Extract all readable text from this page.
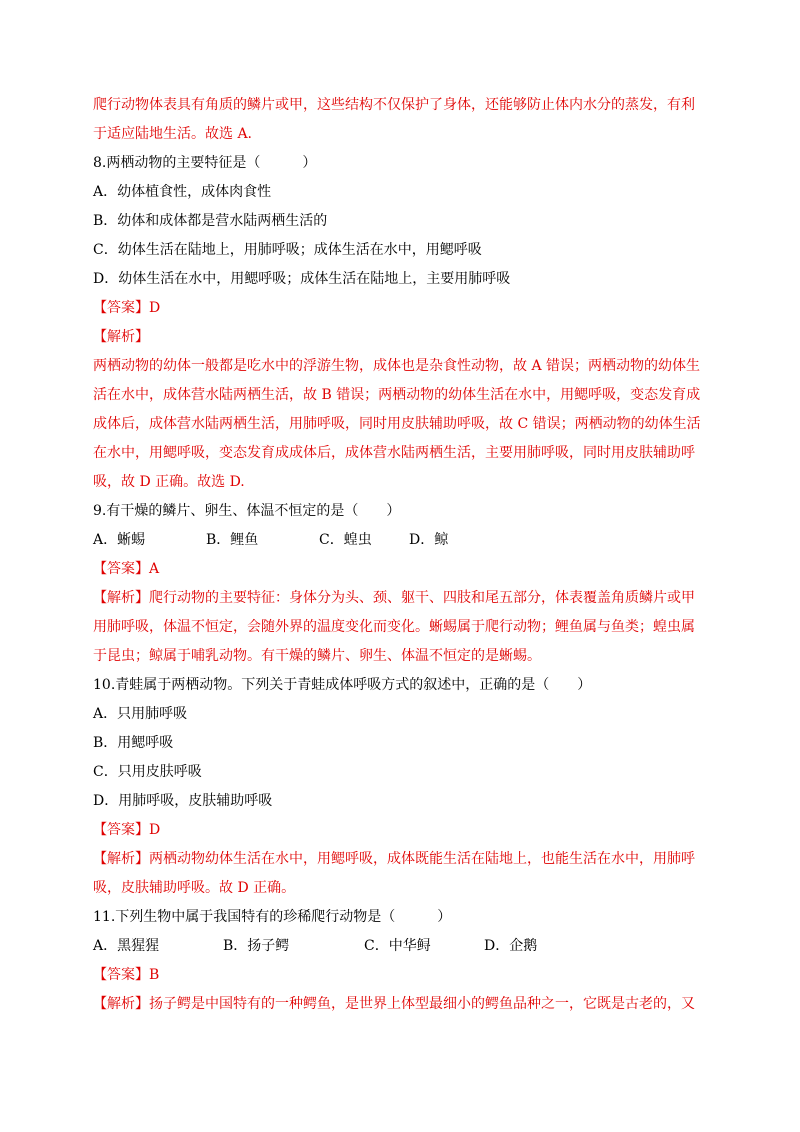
爬行动物体表具有角质的鳞片或甲，这些结构不仅保护了身体，还能够防止体内水分的蒸发，有利
于适应陆地生活。故选 A.
8.两栖动物的主要特征是（　　　）
A．幼体植食性，成体肉食性
B．幼体和成体都是营水陆两栖生活的
C．幼体生活在陆地上，用肺呼吸；成体生活在水中，用鳃呼吸
D．幼体生活在水中，用鳃呼吸；成体生活在陆地上，主要用肺呼吸
【答案】D
【解析】
两栖动物的幼体一般都是吃水中的浮游生物，成体也是杂食性动物，故 A 错误；两栖动物的幼体生
活在水中，成体营水陆两栖生活，故 B 错误；两栖动物的幼体生活在水中，用鳃呼吸，变态发育成
成体后，成体营水陆两栖生活，用肺呼吸，同时用皮肤辅助呼吸，故 C 错误；两栖动物的幼体生活
在水中，用鳃呼吸，变态发育成成体后，成体营水陆两栖生活，主要用肺呼吸，同时用皮肤辅助呼
吸，故 D 正确。故选 D.
9.有干燥的鳞片、卵生、体温不恒定的是（　　）
A．蜥蜴	B．鲤鱼	C．蝗虫	D．鲸
【答案】A
【解析】爬行动物的主要特征：身体分为头、颈、躯干、四肢和尾五部分，体表覆盖角质鳞片或甲
用肺呼吸，体温不恒定，会随外界的温度变化而变化。蜥蜴属于爬行动物；鲤鱼属与鱼类；蝗虫属
于昆虫；鲸属于哺乳动物。有干燥的鳞片、卵生、体温不恒定的是蜥蜴。
10.青蛙属于两栖动物。下列关于青蛙成体呼吸方式的叙述中，正确的是（　　）
A．只用肺呼吸
B．用鳃呼吸
C．只用皮肤呼吸
D．用肺呼吸，皮肤辅助呼吸
【答案】D
【解析】两栖动物幼体生活在水中，用鳃呼吸，成体既能生活在陆地上，也能生活在水中，用肺呼
吸，皮肤辅助呼吸。故 D 正确。
11.下列生物中属于我国特有的珍稀爬行动物是（　　　）
A．黑猩猩	B．扬子鳄	C．中华鲟	D．企鹅
【答案】B
【解析】扬子鳄是中国特有的一种鳄鱼，是世界上体型最细小的鳄鱼品种之一，它既是古老的，又
